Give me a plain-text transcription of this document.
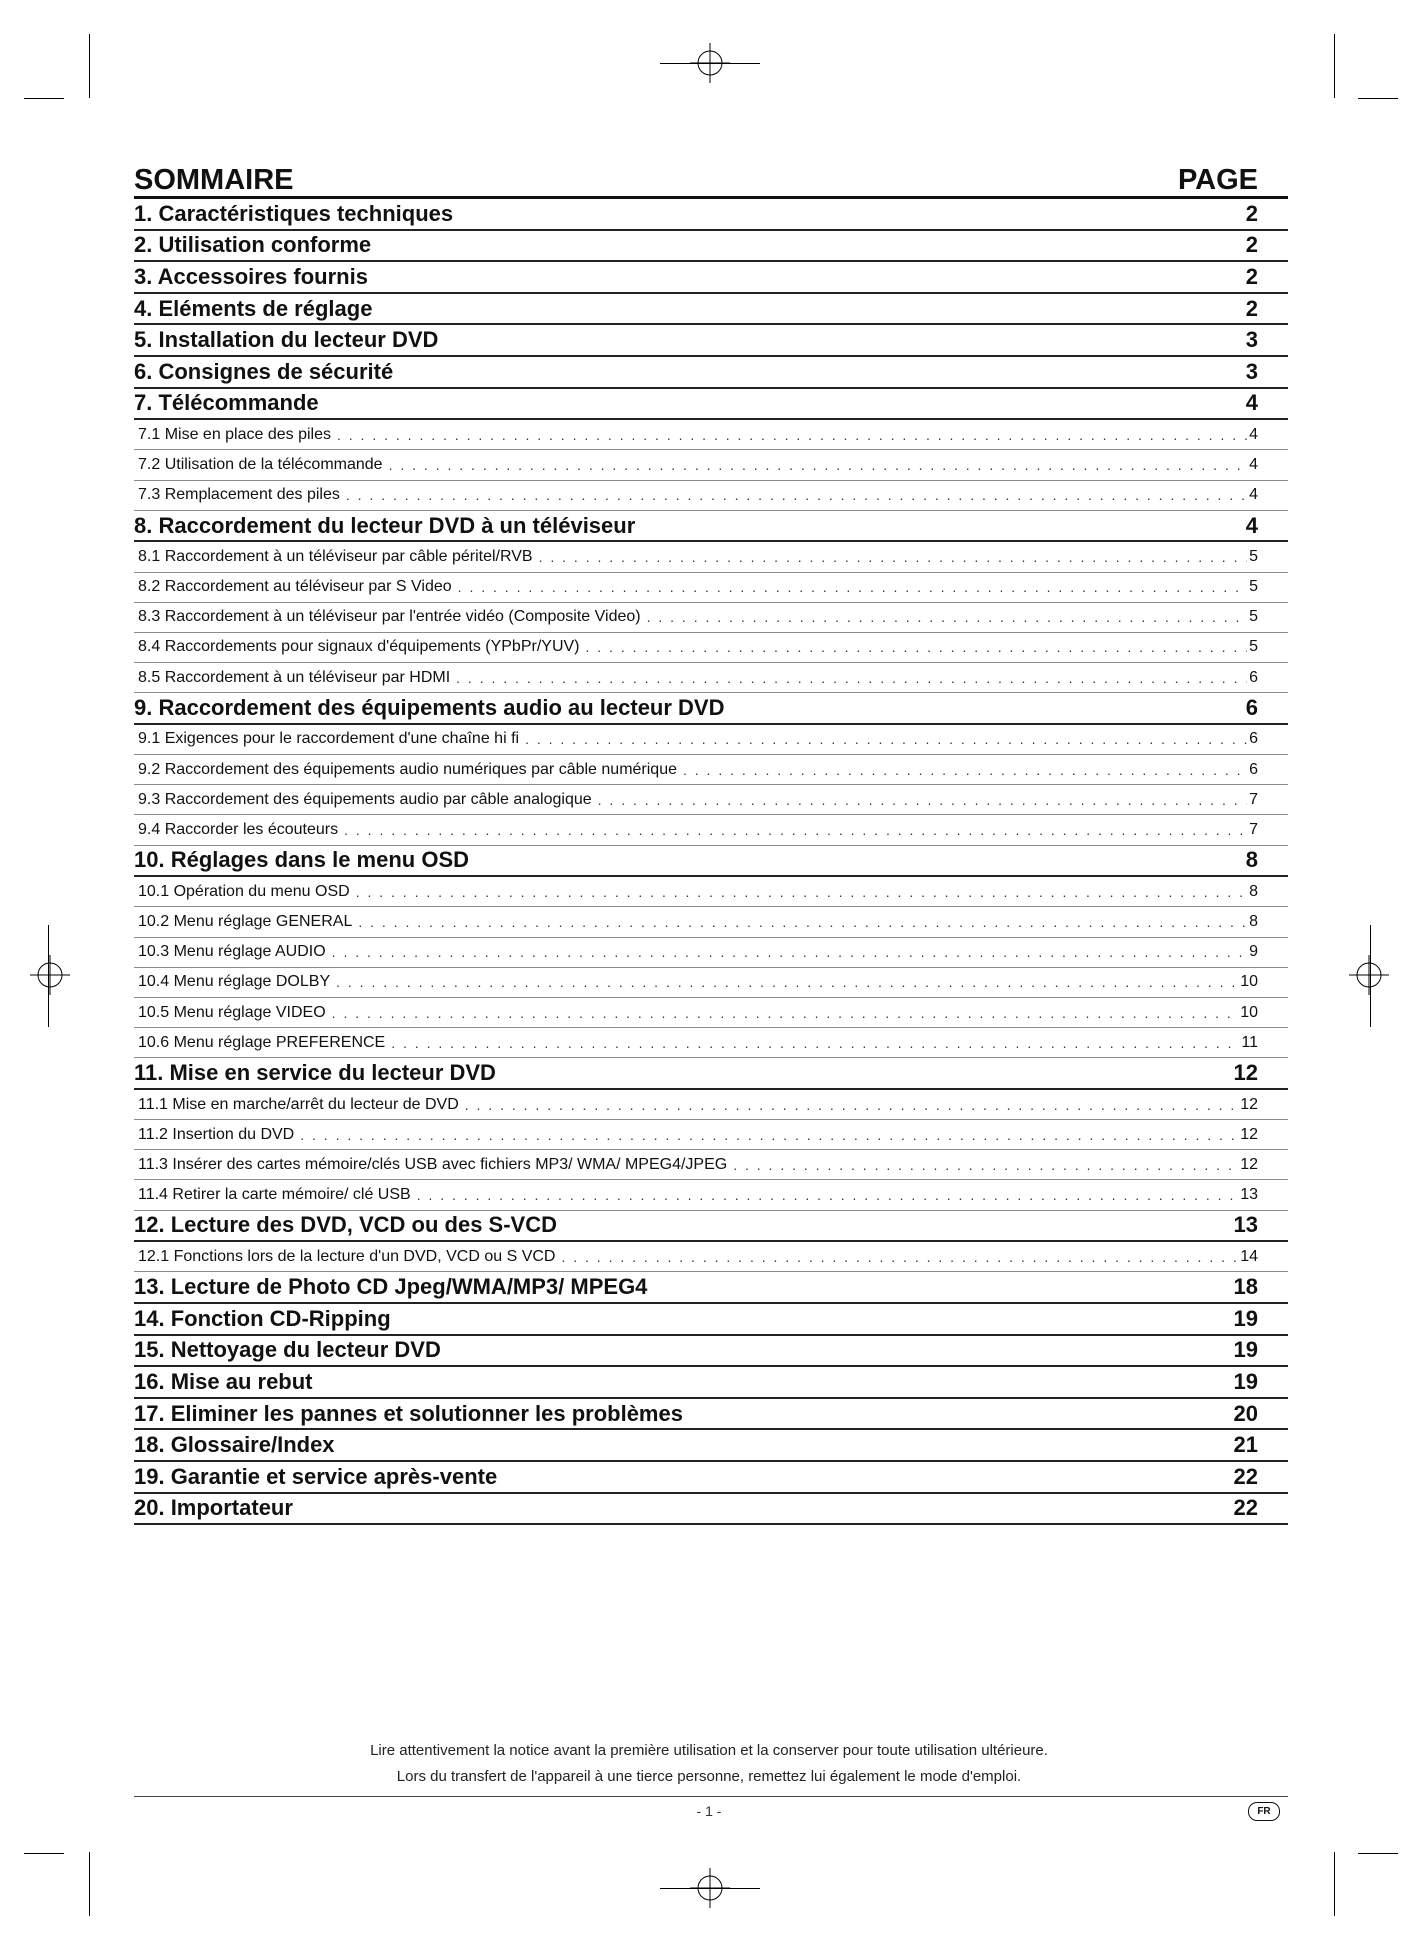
SOMMAIRE	PAGE
1. Caractéristiques techniques	2
2. Utilisation conforme	2
3. Accessoires fournis	2
4. Eléments de réglage	2
5. Installation du lecteur DVD	3
6. Consignes de sécurité	3
7. Télécommande	4
7.1 Mise en place des piles . . .	4
7.2 Utilisation de la télécommande . . .	4
7.3 Remplacement des piles . . .	4
8. Raccordement du lecteur DVD à un téléviseur	4
8.1 Raccordement à un téléviseur par câble péritel/RVB . . .	5
8.2 Raccordement au téléviseur par S Video . . .	5
8.3 Raccordement à un téléviseur par l'entrée vidéo (Composite Video) . . .	5
8.4 Raccordements pour signaux d'équipements (YPbPr/YUV) . . .	5
8.5 Raccordement à un téléviseur par HDMI . . .	6
9. Raccordement des équipements audio au lecteur DVD	6
9.1 Exigences pour le raccordement d'une chaîne hi fi . . .	6
9.2 Raccordement des équipements audio numériques par câble numérique . . .	6
9.3 Raccordement des équipements audio par câble analogique . . .	7
9.4 Raccorder les écouteurs . . .	7
10. Réglages dans le menu OSD	8
10.1 Opération du menu OSD . . .	8
10.2 Menu réglage GENERAL . . .	8
10.3 Menu réglage AUDIO . . .	9
10.4 Menu réglage DOLBY . . .	10
10.5 Menu réglage VIDEO . . .	10
10.6 Menu réglage PREFERENCE . . .	11
11. Mise en service du lecteur DVD	12
11.1 Mise en marche/arrêt du lecteur de DVD . . .	12
11.2 Insertion du DVD . . .	12
11.3 Insérer des cartes mémoire/clés USB avec fichiers MP3/ WMA/ MPEG4/JPEG . . .	12
11.4 Retirer la carte mémoire/ clé USB . . .	13
12. Lecture des DVD, VCD ou des S-VCD	13
12.1 Fonctions lors de la lecture d'un DVD, VCD ou S VCD . . .	14
13. Lecture de Photo CD Jpeg/WMA/MP3/ MPEG4	18
14. Fonction CD-Ripping	19
15. Nettoyage du lecteur DVD	19
16. Mise au rebut	19
17. Eliminer les pannes et solutionner les problèmes	20
18. Glossaire/Index	21
19. Garantie et service après-vente	22
20. Importateur	22
Lire attentivement la notice avant la première utilisation et la conserver pour toute utilisation ultérieure.
Lors du transfert de l'appareil à une tierce personne, remettez lui également le mode d'emploi.
- 1 -	FR
